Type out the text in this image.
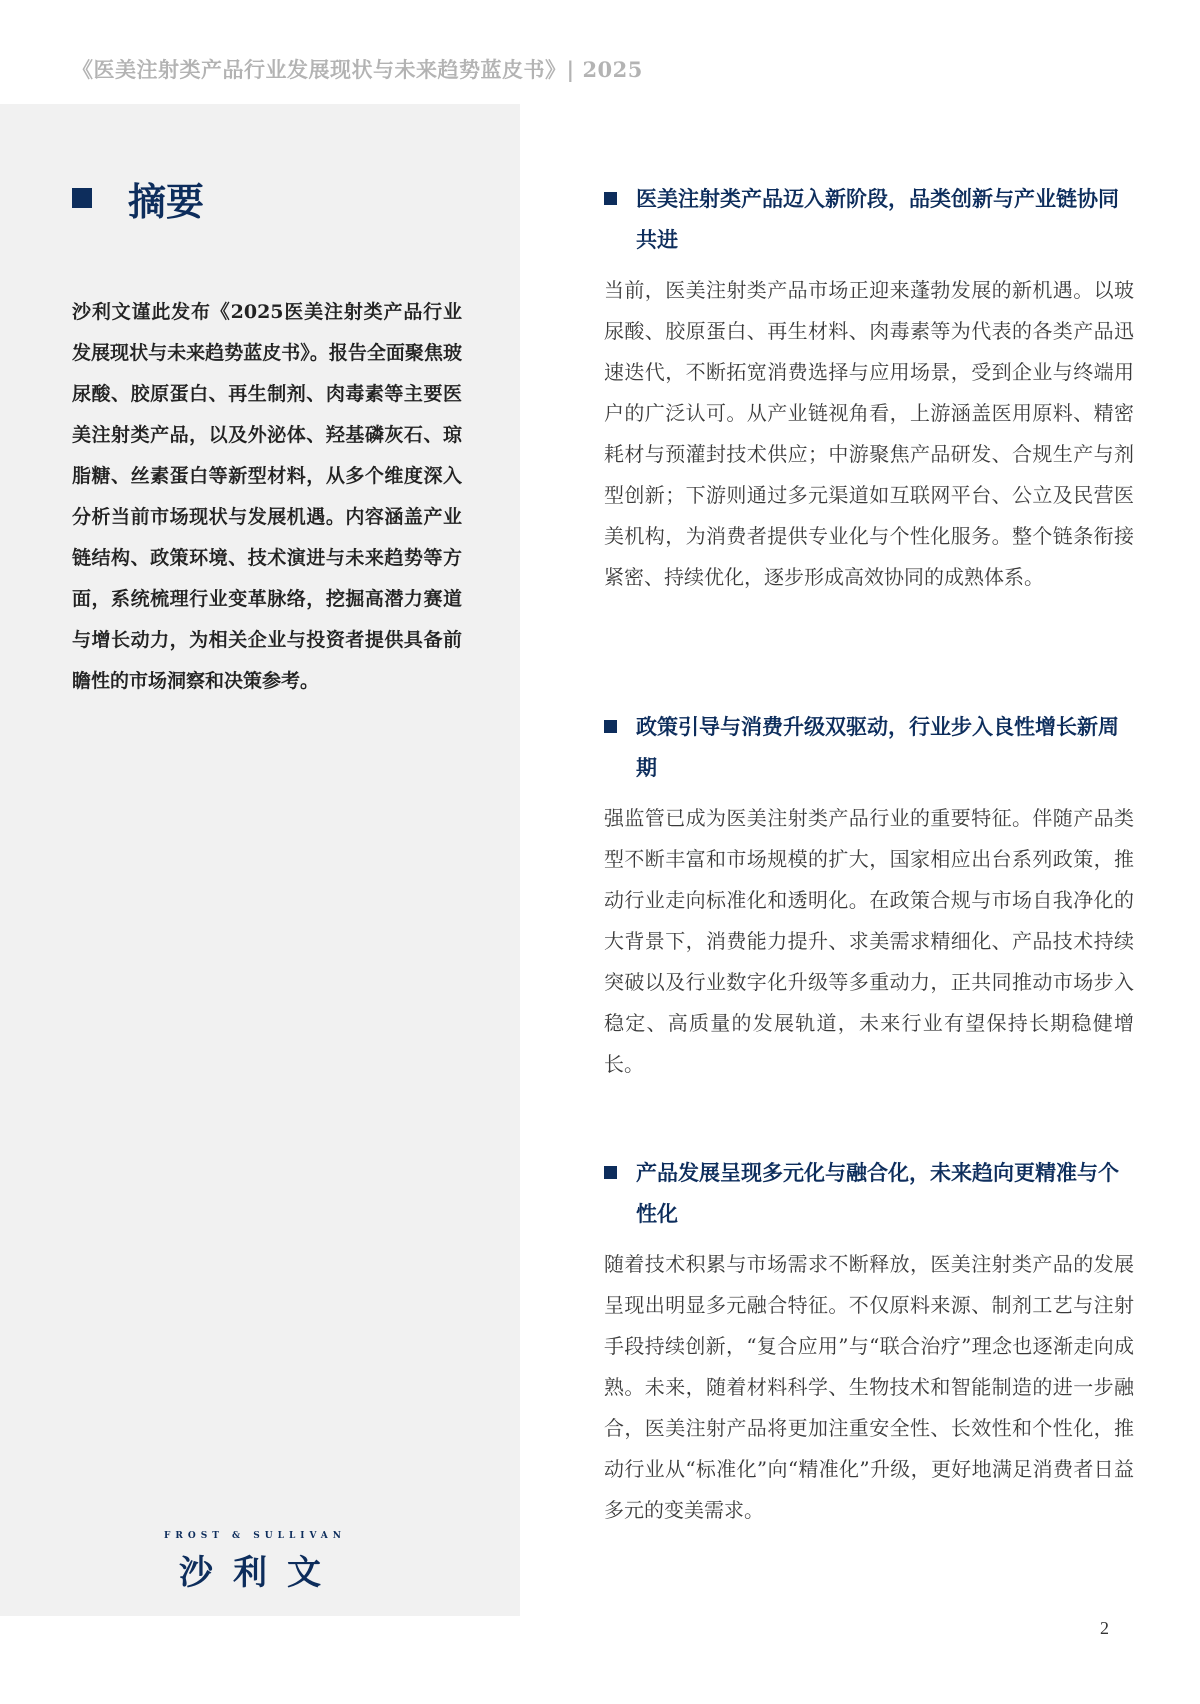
《医美注射类产品行业发展现状与未来趋势蓝皮书》| 2025
摘要
沙利文谨此发布《2025医美注射类产品行业发展现状与未来趋势蓝皮书》。报告全面聚焦玻尿酸、胶原蛋白、再生制剂、肉毒素等主要医美注射类产品，以及外泌体、羟基磷灰石、琼脂糖、丝素蛋白等新型材料，从多个维度深入分析当前市场现状与发展机遇。内容涵盖产业链结构、政策环境、技术演进与未来趋势等方面，系统梳理行业变革脉络，挖掘高潜力赛道与增长动力，为相关企业与投资者提供具备前瞻性的市场洞察和决策参考。
FROST & SULLIVAN
沙利文
医美注射类产品迈入新阶段，品类创新与产业链协同共进
当前，医美注射类产品市场正迎来蓬勃发展的新机遇。以玻尿酸、胶原蛋白、再生材料、肉毒素等为代表的各类产品迅速迭代，不断拓宽消费选择与应用场景，受到企业与终端用户的广泛认可。从产业链视角看，上游涵盖医用原料、精密耗材与预灌封技术供应；中游聚焦产品研发、合规生产与剂型创新；下游则通过多元渠道如互联网平台、公立及民营医美机构，为消费者提供专业化与个性化服务。整个链条衔接紧密、持续优化，逐步形成高效协同的成熟体系。
政策引导与消费升级双驱动，行业步入良性增长新周期
强监管已成为医美注射类产品行业的重要特征。伴随产品类型不断丰富和市场规模的扩大，国家相应出台系列政策，推动行业走向标准化和透明化。在政策合规与市场自我净化的大背景下，消费能力提升、求美需求精细化、产品技术持续突破以及行业数字化升级等多重动力，正共同推动市场步入稳定、高质量的发展轨道，未来行业有望保持长期稳健增长。
产品发展呈现多元化与融合化，未来趋向更精准与个性化
随着技术积累与市场需求不断释放，医美注射类产品的发展呈现出明显多元融合特征。不仅原料来源、制剂工艺与注射手段持续创新，“复合应用”与“联合治疗”理念也逐渐走向成熟。未来，随着材料科学、生物技术和智能制造的进一步融合，医美注射产品将更加注重安全性、长效性和个性化，推动行业从“标准化”向“精准化”升级，更好地满足消费者日益多元的变美需求。
2
